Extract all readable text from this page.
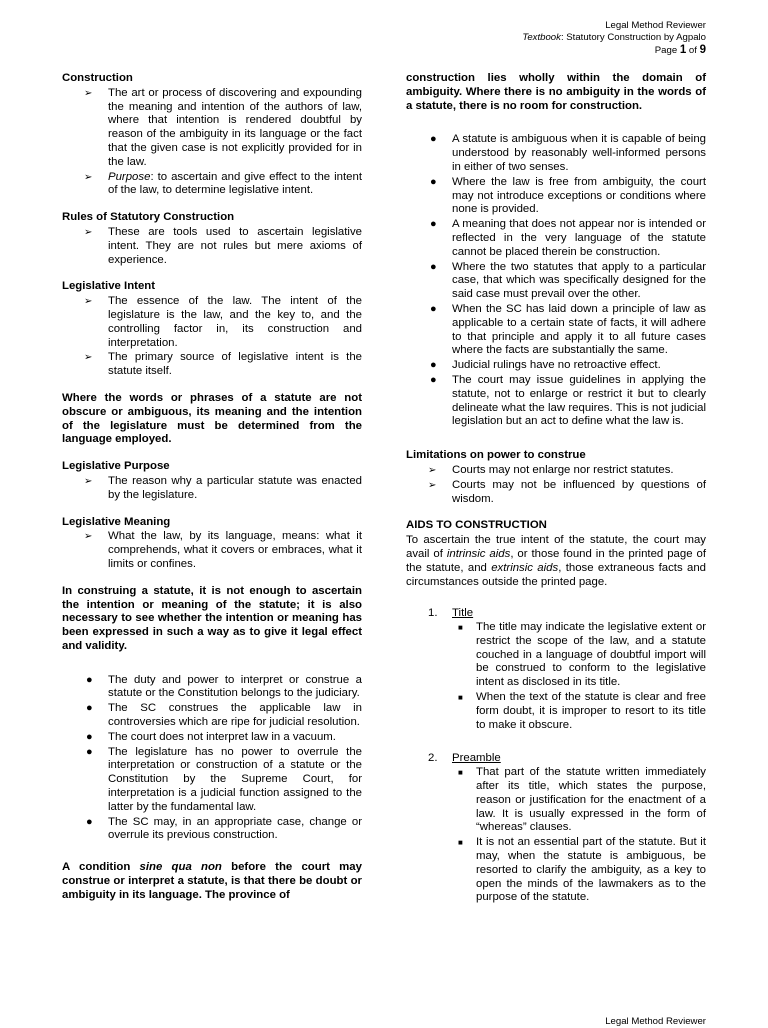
Legal Method Reviewer
Textbook: Statutory Construction by Agpalo
Page 1 of 9
Construction
➢ The art or process of discovering and expounding the meaning and intention of the authors of law, where that intention is rendered doubtful by reason of the ambiguity in its language or the fact that the given case is not explicitly provided for in the law.
➢ Purpose: to ascertain and give effect to the intent of the law, to determine legislative intent.
Rules of Statutory Construction
➢ These are tools used to ascertain legislative intent. They are not rules but mere axioms of experience.
Legislative Intent
➢ The essence of the law. The intent of the legislature is the law, and the key to, and the controlling factor in, its construction and interpretation.
➢ The primary source of legislative intent is the statute itself.

Where the words or phrases of a statute are not obscure or ambiguous, its meaning and the intention of the legislature must be determined from the language employed.

Legislative Purpose
➢ The reason why a particular statute was enacted by the legislature.
Legislative Meaning
➢ What the law, by its language, means: what it comprehends, what it covers or embraces, what it limits or confines.

In construing a statute, it is not enough to ascertain the intention or meaning of the statute; it is also necessary to see whether the intention or meaning has been expressed in such a way as to give it legal effect and validity.

● The duty and power to interpret or construe a statute or the Constitution belongs to the judiciary.
● The SC construes the applicable law in controversies which are ripe for judicial resolution.
● The court does not interpret law in a vacuum.
● The legislature has no power to overrule the interpretation or construction of a statute or the Constitution by the Supreme Court, for interpretation is a judicial function assigned to the latter by the fundamental law.
● The SC may, in an appropriate case, change or overrule its previous construction.

A condition sine qua non before the court may construe or interpret a statute, is that there be doubt or ambiguity in its language. The province of

construction lies wholly within the domain of ambiguity. Where there is no ambiguity in the words of a statute, there is no room for construction.

● A statute is ambiguous when it is capable of being understood by reasonably well-informed persons in either of two senses.
● Where the law is free from ambiguity, the court may not introduce exceptions or conditions where none is provided.
● A meaning that does not appear nor is intended or reflected in the very language of the statute cannot be placed therein be construction.
● Where the two statutes that apply to a particular case, that which was specifically designed for the said case must prevail over the other.
● When the SC has laid down a principle of law as applicable to a certain state of facts, it will adhere to that principle and apply it to all future cases where the facts are substantially the same.
● Judicial rulings have no retroactive effect.
● The court may issue guidelines in applying the statute, not to enlarge or restrict it but to clearly delineate what the law requires. This is not judicial legislation but an act to define what the law is.
Limitations on power to construe
➢ Courts may not enlarge nor restrict statutes.
➢ Courts may not be influenced by questions of wisdom.
AIDS TO CONSTRUCTION

To ascertain the true intent of the statute, the court may avail of intrinsic aids, or those found in the printed page of the statute, and extrinsic aids, those extraneous facts and circumstances outside the printed page.

1. Title
■ The title may indicate the legislative extent or restrict the scope of the law, and a statute couched in a language of doubtful import will be construed to conform to the legislative intent as disclosed in its title.
■ When the text of the statute is clear and free form doubt, it is improper to resort to its title to make it obscure.
2. Preamble
■ That part of the statute written immediately after its title, which states the purpose, reason or justification for the enactment of a law. It is usually expressed in the form of “whereas” clauses.
■ It is not an essential part of the statute. But it may, when the statute is ambiguous, be resorted to clarify the ambiguity, as a key to open the minds of the lawmakers as to the purpose of the statute.
Legal Method Reviewer
